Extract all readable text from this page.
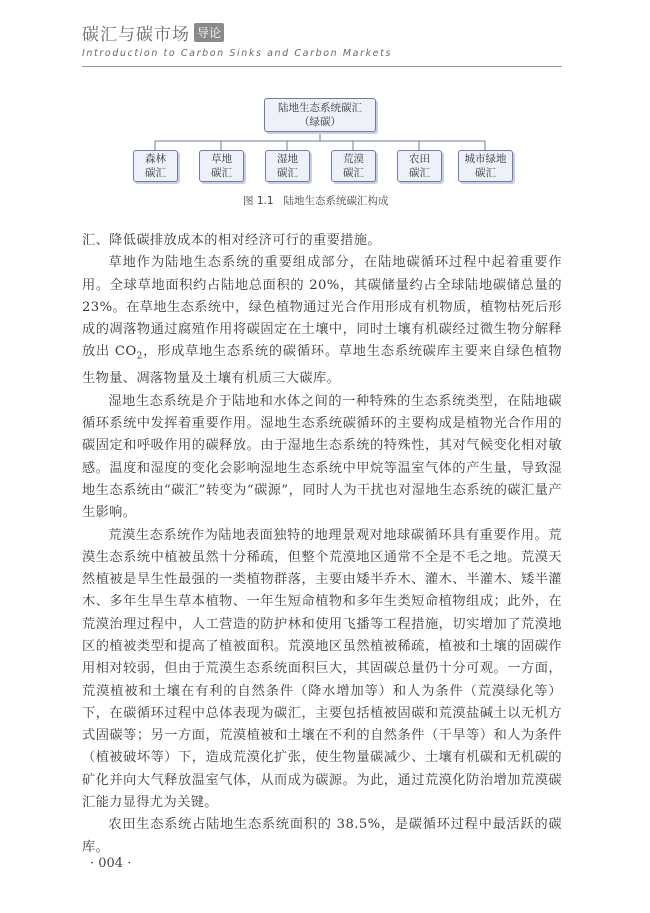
碳汇与碳市场 导论
Introduction to Carbon Sinks and Carbon Markets
陆地生态系统碳汇
（绿碳）
森林
碳汇
草地
碳汇
湿地
碳汇
荒漠
碳汇
农田
碳汇
城市绿地
碳汇
图 1.1 陆地生态系统碳汇构成

汇、降低碳排放成本的相对经济可行的重要措施。

草地作为陆地生态系统的重要组成部分，在陆地碳循环过程中起着重要作用。全球草地面积约占陆地总面积的 20%，其碳储量约占全球陆地碳储总量的 23%。在草地生态系统中，绿色植物通过光合作用形成有机物质，植物枯死后形成的凋落物通过腐殖作用将碳固定在土壤中，同时土壤有机碳经过微生物分解释放出 $CO_2$，形成草地生态系统的碳循环。草地生态系统碳库主要来自绿色植物生物量、凋落物量及土壤有机质三大碳库。

湿地生态系统是介于陆地和水体之间的一种特殊的生态系统类型，在陆地碳循环系统中发挥着重要作用。湿地生态系统碳循环的主要构成是植物光合作用的碳固定和呼吸作用的碳释放。由于湿地生态系统的特殊性，其对气候变化相对敏感。温度和湿度的变化会影响湿地生态系统中甲烷等温室气体的产生量，导致湿地生态系统由“碳汇”转变为“碳源”，同时人为干扰也对湿地生态系统的碳汇量产生影响。

荒漠生态系统作为陆地表面独特的地理景观对地球碳循环具有重要作用。荒漠生态系统中植被虽然十分稀疏，但整个荒漠地区通常不全是不毛之地。荒漠天然植被是旱生性最强的一类植物群落，主要由矮半乔木、灌木、半灌木、矮半灌木、多年生旱生草本植物、一年生短命植物和多年生类短命植物组成；此外，在荒漠治理过程中，人工营造的防护林和使用飞播等工程措施，切实增加了荒漠地区的植被类型和提高了植被面积。荒漠地区虽然植被稀疏，植被和土壤的固碳作用相对较弱，但由于荒漠生态系统面积巨大，其固碳总量仍十分可观。一方面，荒漠植被和土壤在有利的自然条件（降水增加等）和人为条件（荒漠绿化等）下，在碳循环过程中总体表现为碳汇，主要包括植被固碳和荒漠盐碱土以无机方式固碳等；另一方面，荒漠植被和土壤在不利的自然条件（干旱等）和人为条件（植被破坏等）下，造成荒漠化扩张，使生物量碳减少、土壤有机碳和无机碳的矿化并向大气释放温室气体，从而成为碳源。为此，通过荒漠化防治增加荒漠碳汇能力显得尤为关键。

农田生态系统占陆地生态系统面积的 38.5%，是碳循环过程中最活跃的碳库。

· 004 ·
